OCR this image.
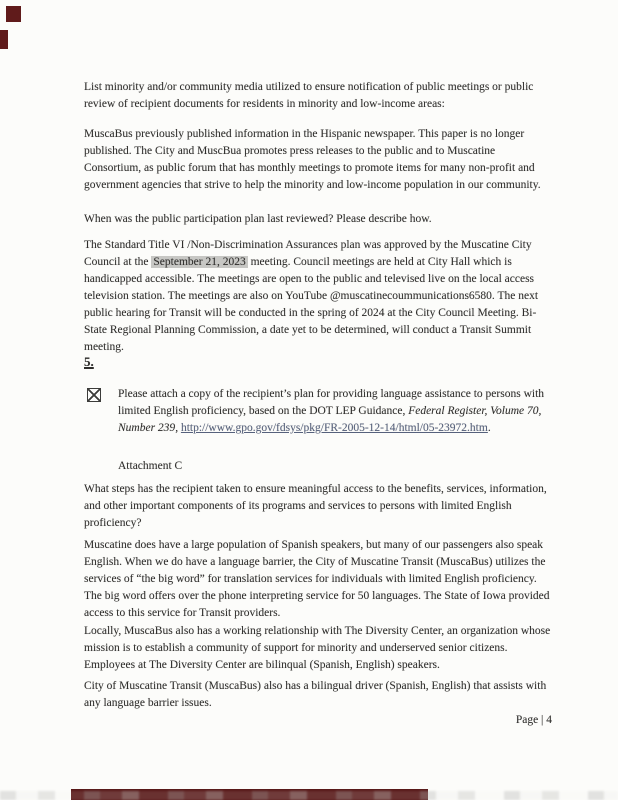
List minority and/or community media utilized to ensure notification of public meetings or public review of recipient documents for residents in minority and low-income areas:
MuscaBus previously published information in the Hispanic newspaper. This paper is no longer published. The City and MuscBua promotes press releases to the public and to Muscatine Consortium, as public forum that has monthly meetings to promote items for many non-profit and government agencies that strive to help the minority and low-income population in our community.
When was the public participation plan last reviewed? Please describe how.
The Standard Title VI /Non-Discrimination Assurances plan was approved by the Muscatine City Council at the September 21, 2023 meeting. Council meetings are held at City Hall which is handicapped accessible. The meetings are open to the public and televised live on the local access television station. The meetings are also on YouTube @muscatinecoummunications6580. The next public hearing for Transit will be conducted in the spring of 2024 at the City Council Meeting. Bi-State Regional Planning Commission, a date yet to be determined, will conduct a Transit Summit meeting.
5.
Please attach a copy of the recipient’s plan for providing language assistance to persons with limited English proficiency, based on the DOT LEP Guidance, Federal Register, Volume 70, Number 239, http://www.gpo.gov/fdsys/pkg/FR-2005-12-14/html/05-23972.htm.
Attachment C
What steps has the recipient taken to ensure meaningful access to the benefits, services, information, and other important components of its programs and services to persons with limited English proficiency?
Muscatine does have a large population of Spanish speakers, but many of our passengers also speak English. When we do have a language barrier, the City of Muscatine Transit (MuscaBus) utilizes the services of “the big word” for translation services for individuals with limited English proficiency. The big word offers over the phone interpreting service for 50 languages. The State of Iowa provided access to this service for Transit providers.
Locally, MuscaBus also has a working relationship with The Diversity Center, an organization whose mission is to establish a community of support for minority and underserved senior citizens. Employees at The Diversity Center are bilinqual (Spanish, English) speakers.
City of Muscatine Transit (MuscaBus) also has a bilingual driver (Spanish, English) that assists with any language barrier issues.
Page | 4
